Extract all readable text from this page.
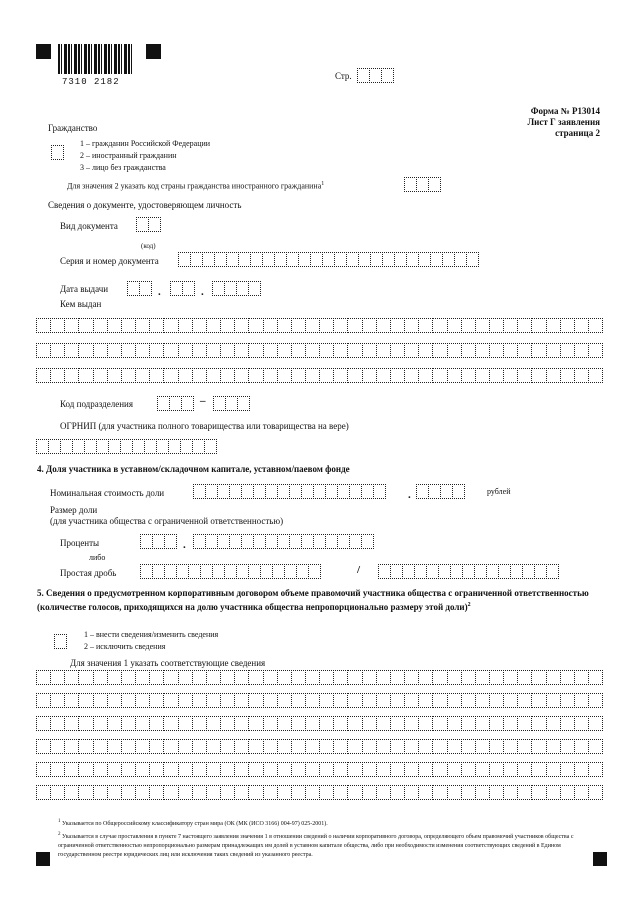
7310 2182
Стр.
Форма № Р13014
Лист Г заявления
страница 2
Гражданство
1 – гражданин Российской Федерации
2 – иностранный гражданин
3 – лицо без гражданства
Для значения 2 указать код страны гражданства иностранного гражданина$^1$
Сведения о документе, удостоверяющем личность
Вид документа
(код)
Серия и номер документа
Дата выдачи	.	.
Кем выдан
Код подразделения	–
ОГРНИП (для участника полного товарищества или товарищества на вере)
4. Доля участника в уставном/складочном капитале, уставном/паевом фонде
Номинальная стоимость доли	.	рублей
Размер доли
(для участника общества с ограниченной ответственностью)
Проценты	.
либо
Простая дробь	/
5. Сведения о предусмотренном корпоративным договором объеме правомочий участника общества с ограниченной ответственностью (количестве голосов, приходящихся на долю участника общества непропорционально размеру этой доли)$^2$
1 – внести сведения/изменить сведения
2 – исключить сведения
Для значения 1 указать соответствующие сведения
$^1$ Указывается по Общероссийскому классификатору стран мира (ОК (МК (ИСО 3166) 004-97) 025-2001).
$^2$ Указывается в случае проставления в пункте 7 настоящего заявления значения 1 в отношении сведений о наличии корпоративного договора, определяющего объем правомочий участников общества с ограниченной ответственностью непропорционально размерам принадлежащих им долей в уставном капитале общества, либо при необходимости изменения соответствующих сведений в Едином государственном реестре юридических лиц или исключения таких сведений из указанного реестра.
